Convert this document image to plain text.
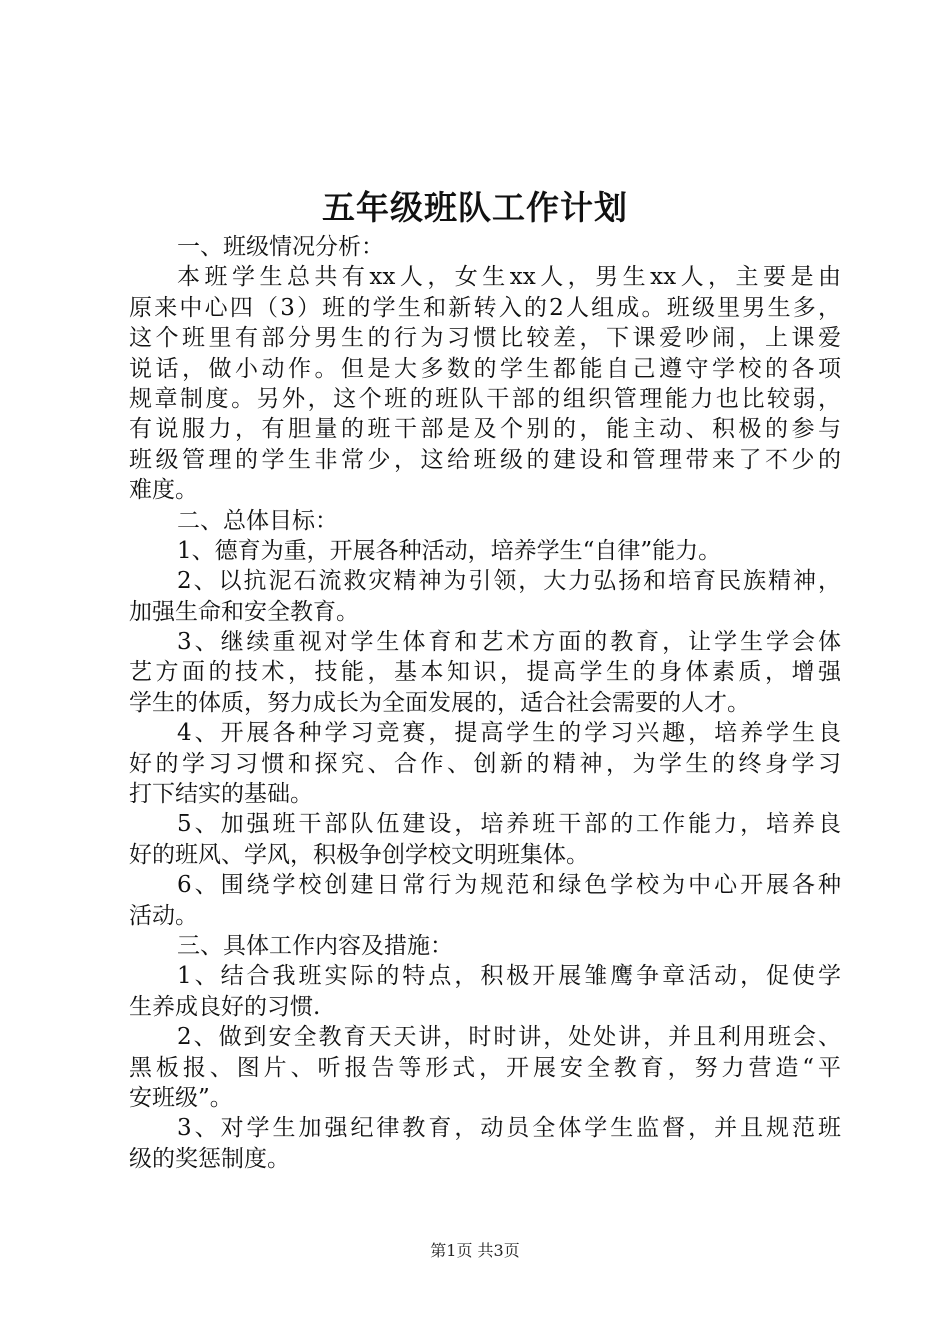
五年级班队工作计划
一、班级情况分析：
本班学生总共有xx人，女生xx人，男生xx人，主要是由
原来中心四（3）班的学生和新转入的2人组成。班级里男生多，
这个班里有部分男生的行为习惯比较差，下课爱吵闹，上课爱
说话，做小动作。但是大多数的学生都能自己遵守学校的各项
规章制度。另外，这个班的班队干部的组织管理能力也比较弱，
有说服力，有胆量的班干部是及个别的，能主动、积极的参与
班级管理的学生非常少，这给班级的建设和管理带来了不少的
难度。
二、总体目标：
1、德育为重，开展各种活动，培养学生“自律”能力。
2、以抗泥石流救灾精神为引领，大力弘扬和培育民族精神，
加强生命和安全教育。
3、继续重视对学生体育和艺术方面的教育，让学生学会体
艺方面的技术，技能，基本知识，提高学生的身体素质，增强
学生的体质，努力成长为全面发展的，适合社会需要的人才。
4、开展各种学习竞赛，提高学生的学习兴趣，培养学生良
好的学习习惯和探究、合作、创新的精神，为学生的终身学习
打下结实的基础。
5、加强班干部队伍建设，培养班干部的工作能力，培养良
好的班风、学风，积极争创学校文明班集体。
6、围绕学校创建日常行为规范和绿色学校为中心开展各种
活动。
三、具体工作内容及措施：
1、结合我班实际的特点，积极开展雏鹰争章活动，促使学
生养成良好的习惯.
2、做到安全教育天天讲，时时讲，处处讲，并且利用班会、
黑板报、图片、听报告等形式，开展安全教育，努力营造“平
安班级”。
3、对学生加强纪律教育，动员全体学生监督，并且规范班
级的奖惩制度。
第1页 共3页
